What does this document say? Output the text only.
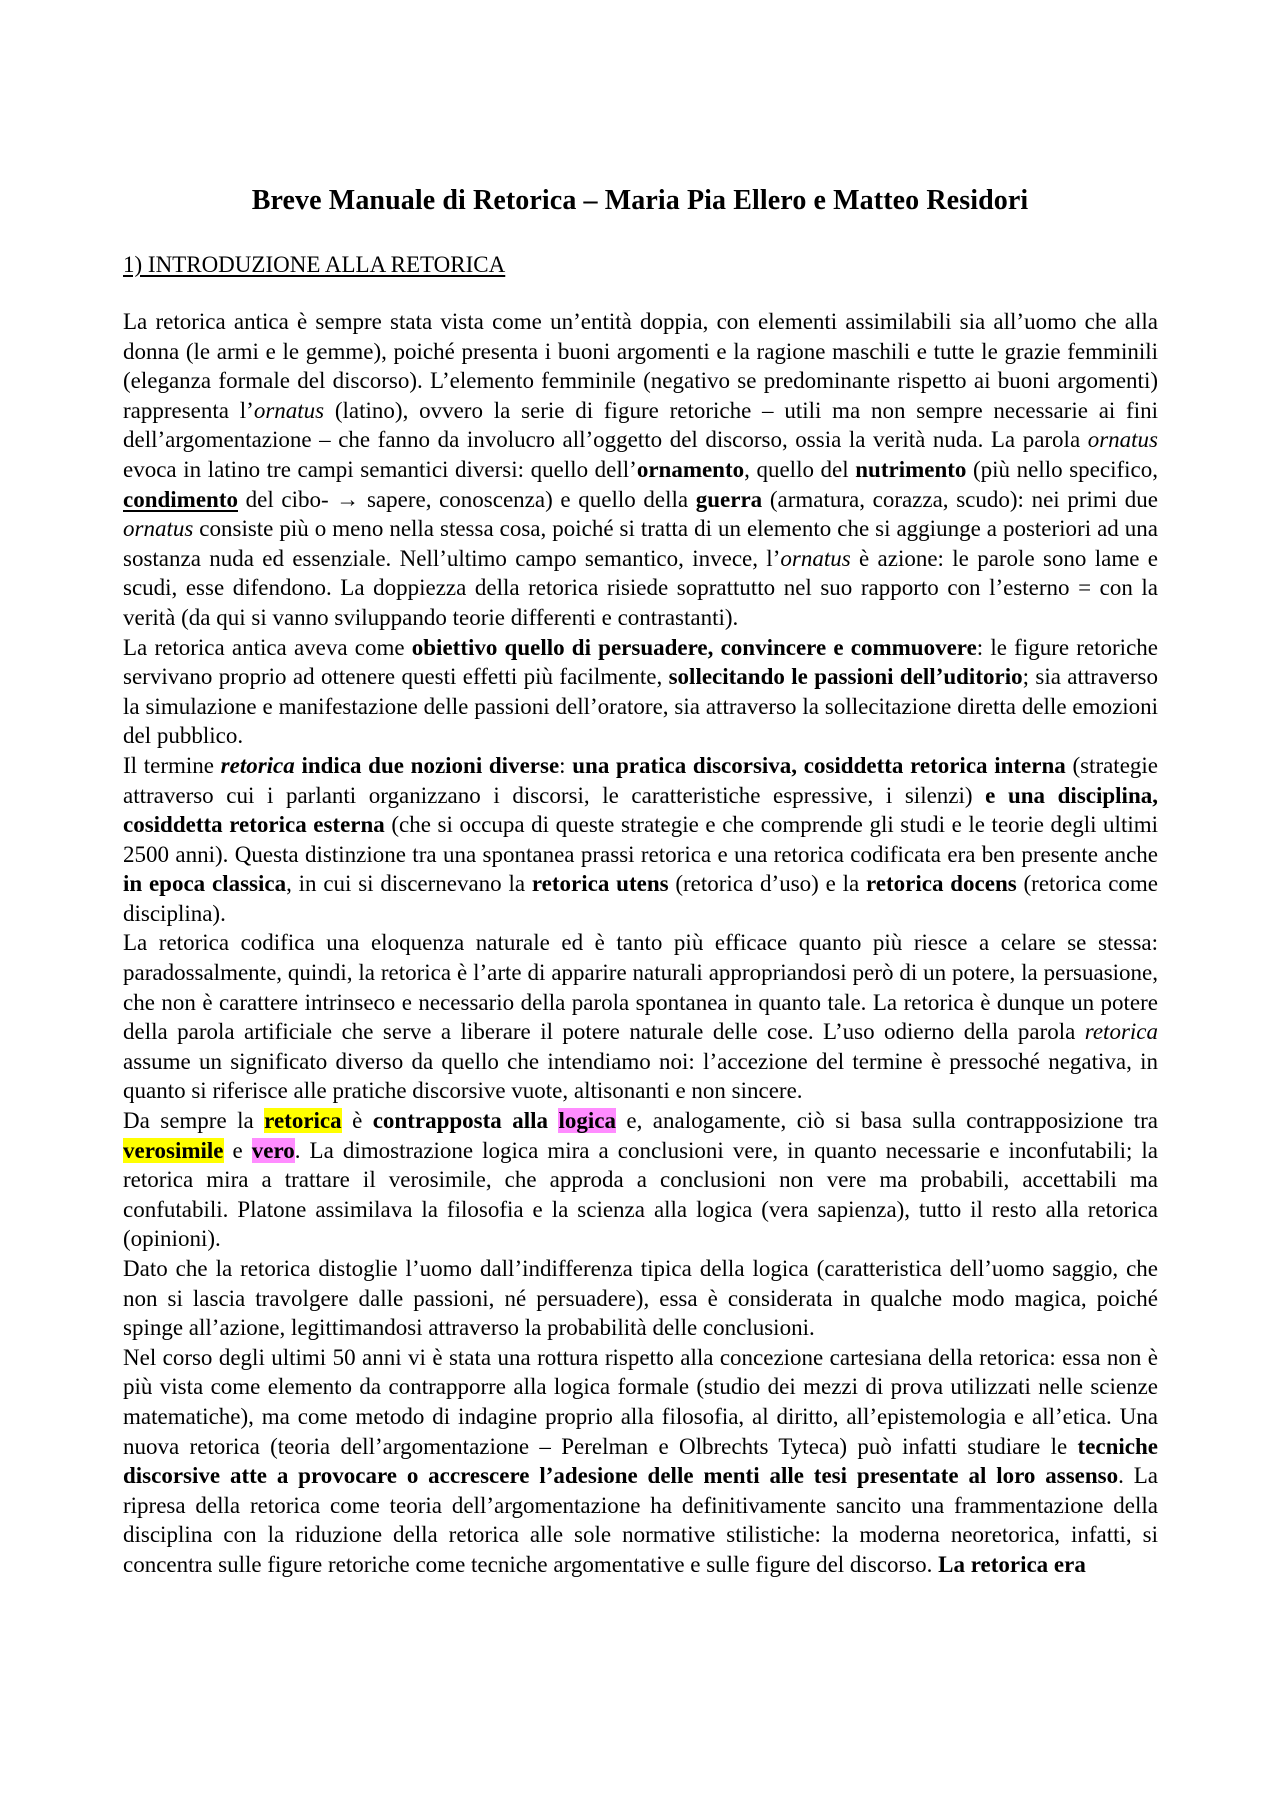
Breve Manuale di Retorica – Maria Pia Ellero e Matteo Residori
1) INTRODUZIONE ALLA RETORICA

La retorica antica è sempre stata vista come un’entità doppia, con elementi assimilabili sia all’uomo che alla donna (le armi e le gemme), poiché presenta i buoni argomenti e la ragione maschili e tutte le grazie femminili (eleganza formale del discorso). L’elemento femminile (negativo se predominante rispetto ai buoni argomenti) rappresenta l’ornatus (latino), ovvero la serie di figure retoriche – utili ma non sempre necessarie ai fini dell’argomentazione – che fanno da involucro all’oggetto del discorso, ossia la verità nuda. La parola ornatus evoca in latino tre campi semantici diversi: quello dell’ornamento, quello del nutrimento (più nello specifico, condimento del cibo- → sapere, conoscenza) e quello della guerra (armatura, corazza, scudo): nei primi due ornatus consiste più o meno nella stessa cosa, poiché si tratta di un elemento che si aggiunge a posteriori ad una sostanza nuda ed essenziale. Nell’ultimo campo semantico, invece, l’ornatus è azione: le parole sono lame e scudi, esse difendono. La doppiezza della retorica risiede soprattutto nel suo rapporto con l’esterno = con la verità (da qui si vanno sviluppando teorie differenti e contrastanti).

La retorica antica aveva come obiettivo quello di persuadere, convincere e commuovere: le figure retoriche servivano proprio ad ottenere questi effetti più facilmente, sollecitando le passioni dell’uditorio; sia attraverso la simulazione e manifestazione delle passioni dell’oratore, sia attraverso la sollecitazione diretta delle emozioni del pubblico.

Il termine retorica indica due nozioni diverse: una pratica discorsiva, cosiddetta retorica interna (strategie attraverso cui i parlanti organizzano i discorsi, le caratteristiche espressive, i silenzi) e una disciplina, cosiddetta retorica esterna (che si occupa di queste strategie e che comprende gli studi e le teorie degli ultimi 2500 anni). Questa distinzione tra una spontanea prassi retorica e una retorica codificata era ben presente anche in epoca classica, in cui si discernevano la retorica utens (retorica d’uso) e la retorica docens (retorica come disciplina).

La retorica codifica una eloquenza naturale ed è tanto più efficace quanto più riesce a celare se stessa: paradossalmente, quindi, la retorica è l’arte di apparire naturali appropriandosi però di un potere, la persuasione, che non è carattere intrinseco e necessario della parola spontanea in quanto tale. La retorica è dunque un potere della parola artificiale che serve a liberare il potere naturale delle cose. L’uso odierno della parola retorica assume un significato diverso da quello che intendiamo noi: l’accezione del termine è pressoché negativa, in quanto si riferisce alle pratiche discorsive vuote, altisonanti e non sincere.

Da sempre la retorica è contrapposta alla logica e, analogamente, ciò si basa sulla contrapposizione tra verosimile e vero. La dimostrazione logica mira a conclusioni vere, in quanto necessarie e inconfutabili; la retorica mira a trattare il verosimile, che approda a conclusioni non vere ma probabili, accettabili ma confutabili. Platone assimilava la filosofia e la scienza alla logica (vera sapienza), tutto il resto alla retorica (opinioni).

Dato che la retorica distoglie l’uomo dall’indifferenza tipica della logica (caratteristica dell’uomo saggio, che non si lascia travolgere dalle passioni, né persuadere), essa è considerata in qualche modo magica, poiché spinge all’azione, legittimandosi attraverso la probabilità delle conclusioni.

Nel corso degli ultimi 50 anni vi è stata una rottura rispetto alla concezione cartesiana della retorica: essa non è più vista come elemento da contrapporre alla logica formale (studio dei mezzi di prova utilizzati nelle scienze matematiche), ma come metodo di indagine proprio alla filosofia, al diritto, all’epistemologia e all’etica. Una nuova retorica (teoria dell’argomentazione – Perelman e Olbrechts Tyteca) può infatti studiare le tecniche discorsive atte a provocare o accrescere l’adesione delle menti alle tesi presentate al loro assenso. La ripresa della retorica come teoria dell’argomentazione ha definitivamente sancito una frammentazione della disciplina con la riduzione della retorica alle sole normative stilistiche: la moderna neoretorica, infatti, si concentra sulle figure retoriche come tecniche argomentative e sulle figure del discorso. La retorica era
